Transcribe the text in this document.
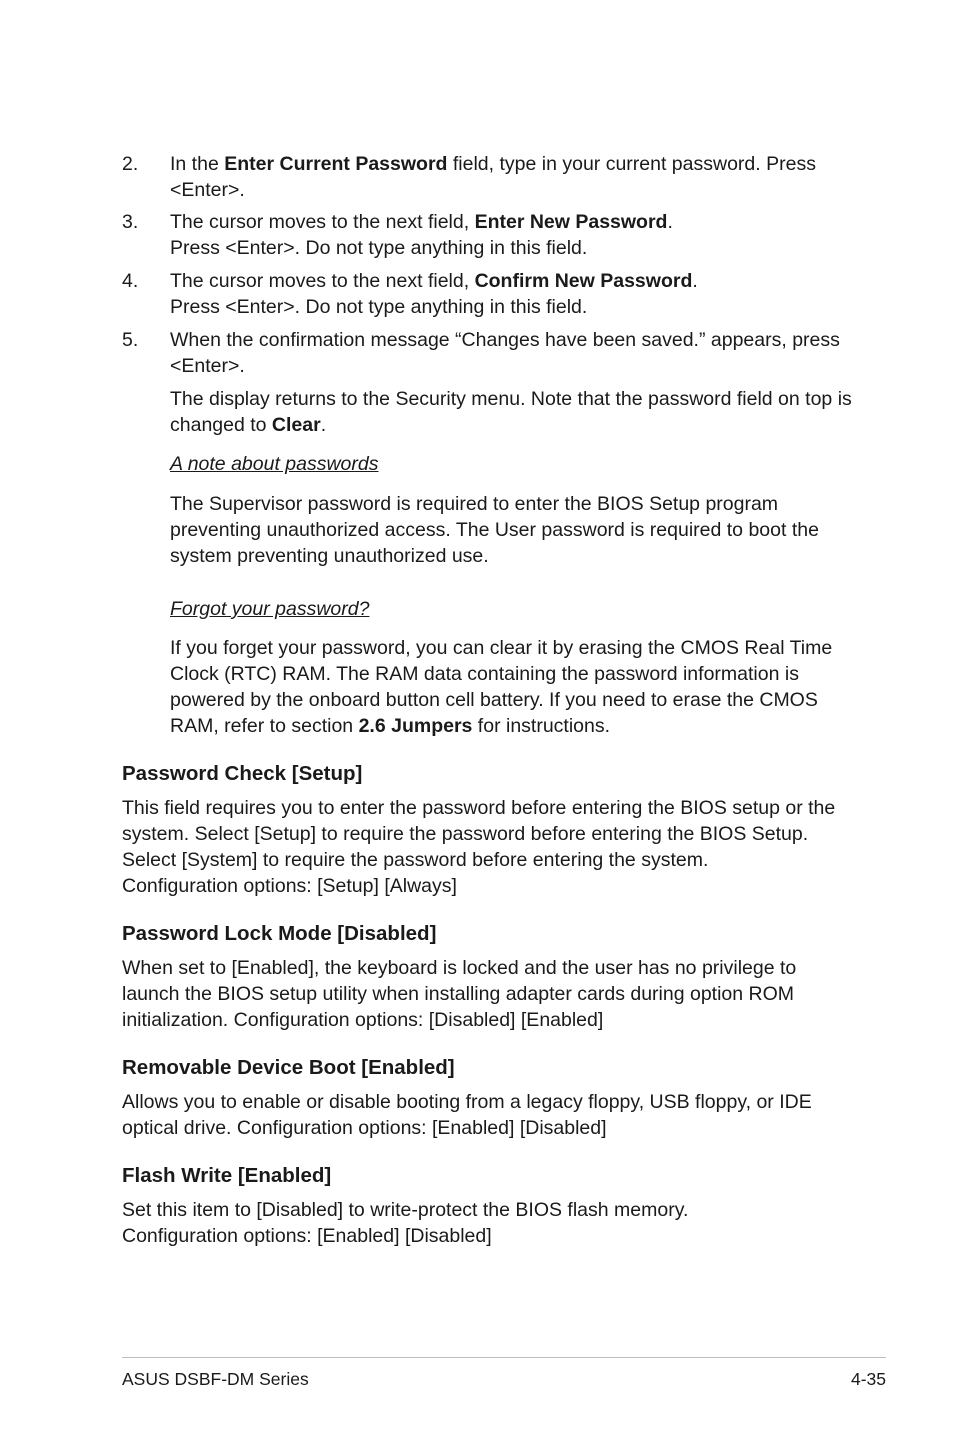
2. In the Enter Current Password field, type in your current password. Press <Enter>.

3. The cursor moves to the next field, Enter New Password.
Press <Enter>. Do not type anything in this field.

4. The cursor moves to the next field, Confirm New Password.
Press <Enter>. Do not type anything in this field.

5. When the confirmation message “Changes have been saved.” appears, press <Enter>.

The display returns to the Security menu. Note that the password field on top is changed to Clear.

A note about passwords

The Supervisor password is required to enter the BIOS Setup program preventing unauthorized access. The User password is required to boot the system preventing unauthorized use.

Forgot your password?

If you forget your password, you can clear it by erasing the CMOS Real Time Clock (RTC) RAM. The RAM data containing the password information is powered by the onboard button cell battery. If you need to erase the CMOS RAM, refer to section 2.6 Jumpers for instructions.

Password Check [Setup]

This field requires you to enter the password before entering the BIOS setup or the
system. Select [Setup] to require the password before entering the BIOS Setup.
Select [System] to require the password before entering the system.
Configuration options: [Setup] [Always]

Password Lock Mode [Disabled]

When set to [Enabled], the keyboard is locked and the user has no privilege to
launch the BIOS setup utility when installing adapter cards during option ROM
initialization. Configuration options: [Disabled] [Enabled]

Removable Device Boot [Enabled]

Allows you to enable or disable booting from a legacy floppy, USB floppy, or IDE
optical drive. Configuration options: [Enabled] [Disabled]

Flash Write [Enabled]

Set this item to [Disabled] to write-protect the BIOS flash memory.
Configuration options: [Enabled] [Disabled]

ASUS DSBF-DM Series	4-35
